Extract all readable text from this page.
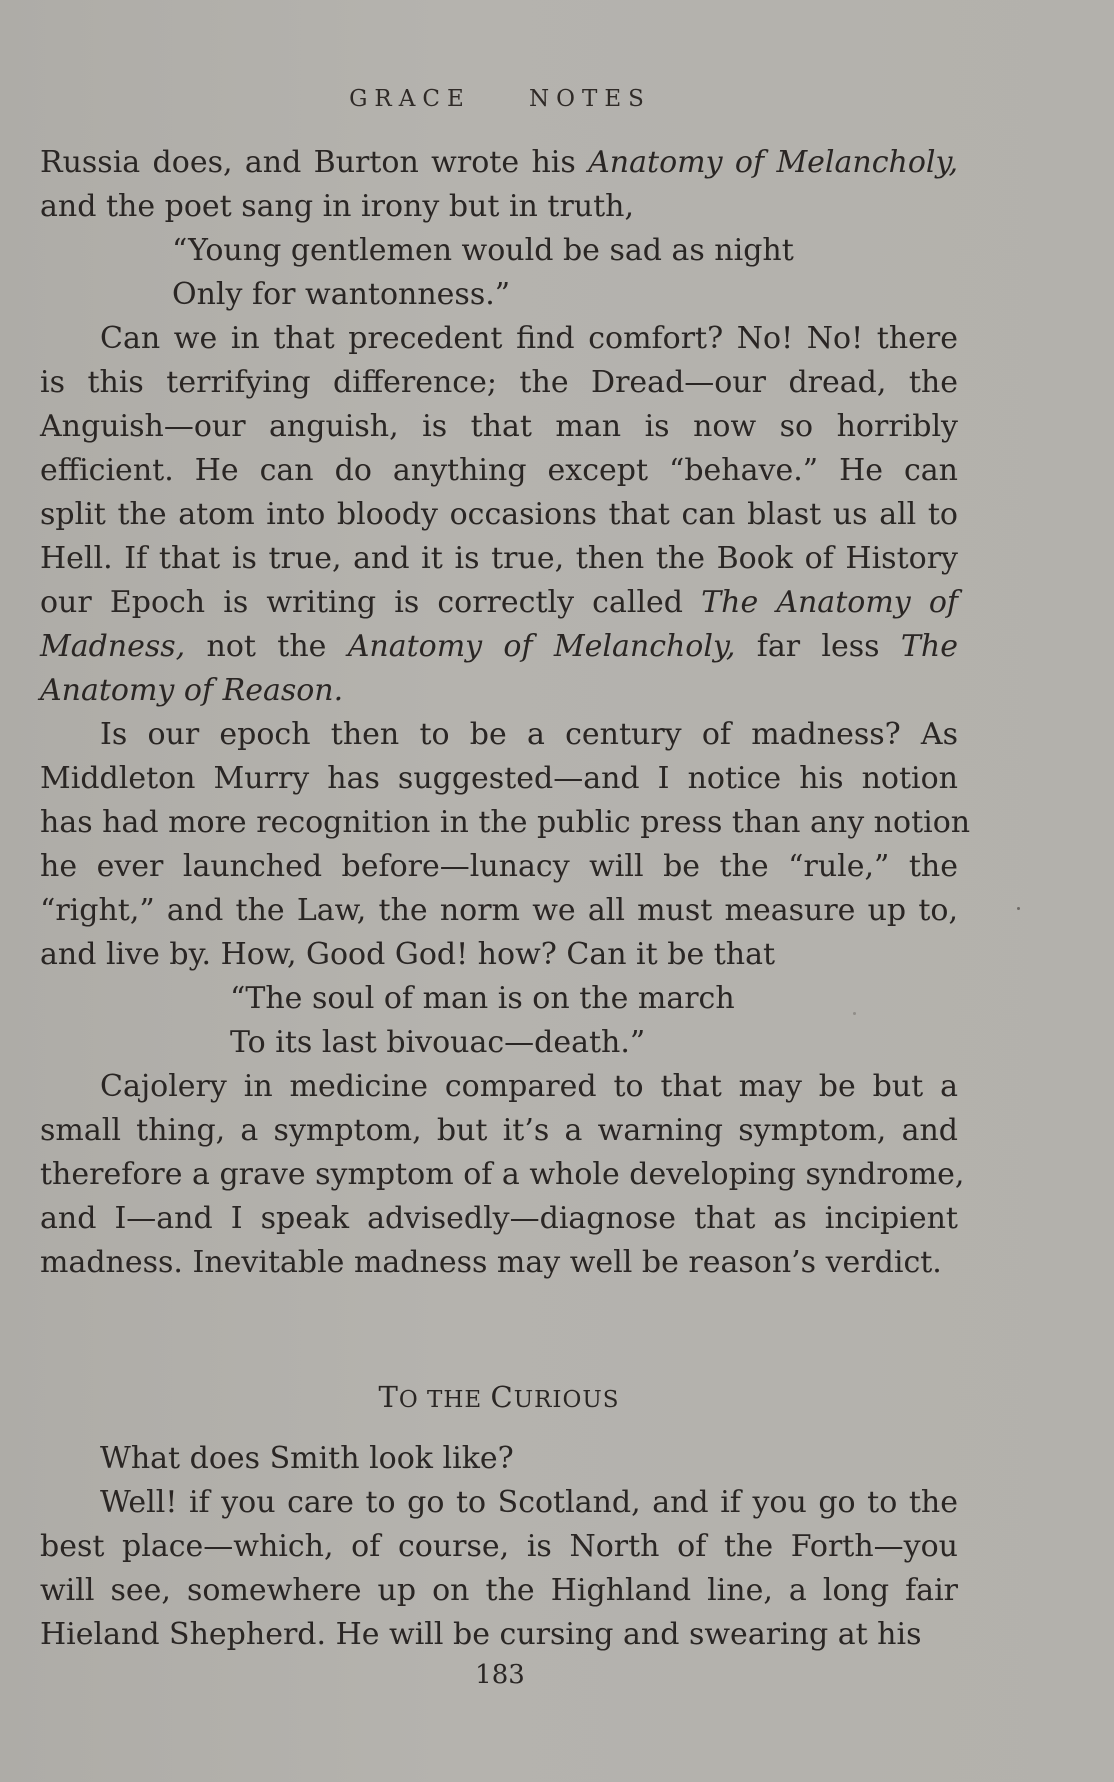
GRACE NOTES
Russia does, and Burton wrote his Anatomy of Melancholy,
and the poet sang in irony but in truth,
“Young gentlemen would be sad as night
Only for wantonness.”
Can we in that precedent find comfort? No! No! there
is this terrifying difference; the Dread—our dread, the
Anguish—our anguish, is that man is now so horribly
efficient. He can do anything except “behave.” He can
split the atom into bloody occasions that can blast us all to
Hell. If that is true, and it is true, then the Book of History
our Epoch is writing is correctly called The Anatomy of
Madness, not the Anatomy of Melancholy, far less The
Anatomy of Reason.
Is our epoch then to be a century of madness? As
Middleton Murry has suggested—and I notice his notion
has had more recognition in the public press than any notion
he ever launched before—lunacy will be the “rule,” the
“right,” and the Law, the norm we all must measure up to,
and live by. How, Good God! how? Can it be that
“The soul of man is on the march
To its last bivouac—death.”
Cajolery in medicine compared to that may be but a
small thing, a symptom, but it’s a warning symptom, and
therefore a grave symptom of a whole developing syndrome,
and I—and I speak advisedly—diagnose that as incipient
madness. Inevitable madness may well be reason’s verdict.
TO THE CURIOUS
What does Smith look like?
Well! if you care to go to Scotland, and if you go to the
best place—which, of course, is North of the Forth—you
will see, somewhere up on the Highland line, a long fair
Hieland Shepherd. He will be cursing and swearing at his
183
